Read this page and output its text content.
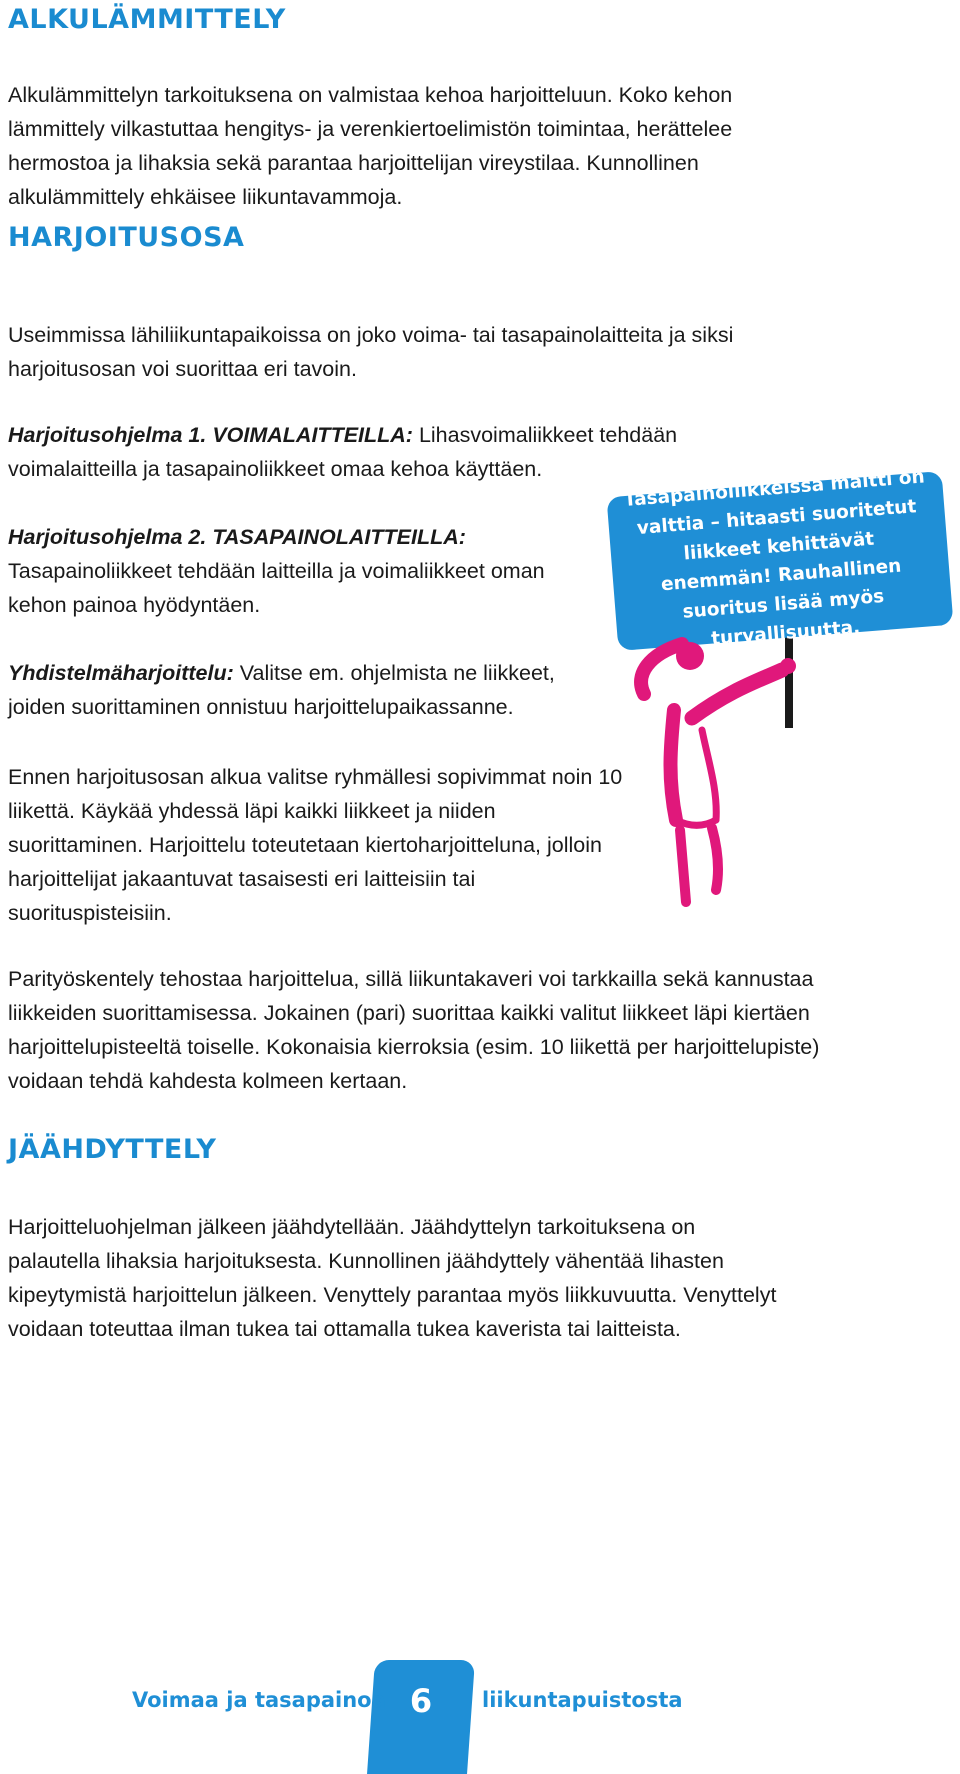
ALKULÄMMITTELY

Alkulämmittelyn tarkoituksena on valmistaa kehoa harjoitteluun. Koko kehon lämmittely vilkastuttaa hengitys- ja verenkiertoelimistön toimintaa, herättelee hermostoa ja lihaksia sekä parantaa harjoittelijan vireystilaa. Kunnollinen alkulämmittely ehkäisee liikuntavammoja.

HARJOITUSOSA

Useimmissa lähiliikuntapaikoissa on joko voima- tai tasapainolaitteita ja siksi harjoitusosan voi suorittaa eri tavoin.

Harjoitusohjelma 1. VOIMALAITTEILLA: Lihasvoimaliikkeet tehdään voimalaitteilla ja tasapainoliikkeet omaa kehoa käyttäen.

Harjoitusohjelma 2. TASAPAINOLAITTEILLA: Tasapainoliikkeet tehdään laitteilla ja voimaliikkeet oman kehon painoa hyödyntäen.

Yhdistelmäharjoittelu: Valitse em. ohjelmista ne liikkeet, joiden suorittaminen onnistuu harjoittelupaikassanne.

Ennen harjoitusosan alkua valitse ryhmällesi sopivimmat noin 10 liikettä. Käykää yhdessä läpi kaikki liikkeet ja niiden suorittaminen. Harjoittelu toteutetaan kiertoharjoitteluna, jolloin harjoittelijat jakaantuvat tasaisesti eri laitteisiin tai suorituspisteisiin.

Parityöskentely tehostaa harjoittelua, sillä liikuntakaveri voi tarkkailla sekä kannustaa liikkeiden suorittamisessa. Jokainen (pari) suorittaa kaikki valitut liikkeet läpi kiertäen harjoittelupisteeltä toiselle. Kokonaisia kierroksia (esim. 10 liikettä per harjoittelupiste) voidaan tehdä kahdesta kolmeen kertaan.

JÄÄHDYTTELY

Harjoitteluohjelman jälkeen jäähdytellään. Jäähdyttelyn tarkoituksena on palautella lihaksia harjoituksesta. Kunnollinen jäähdyttely vähentää lihasten kipeytymistä harjoittelun jälkeen. Venyttely parantaa myös liikkuvuutta. Venyttelyt voidaan toteuttaa ilman tukea tai ottamalla tukea kaverista tai laitteista.

Tasapainoliikkeissä maltti on valttia – hitaasti suoritetut liikkeet kehittävät enemmän! Rauhallinen suoritus lisää myös turvallisuutta.

Voimaa ja tasapainoa 6	liikuntapuistosta
